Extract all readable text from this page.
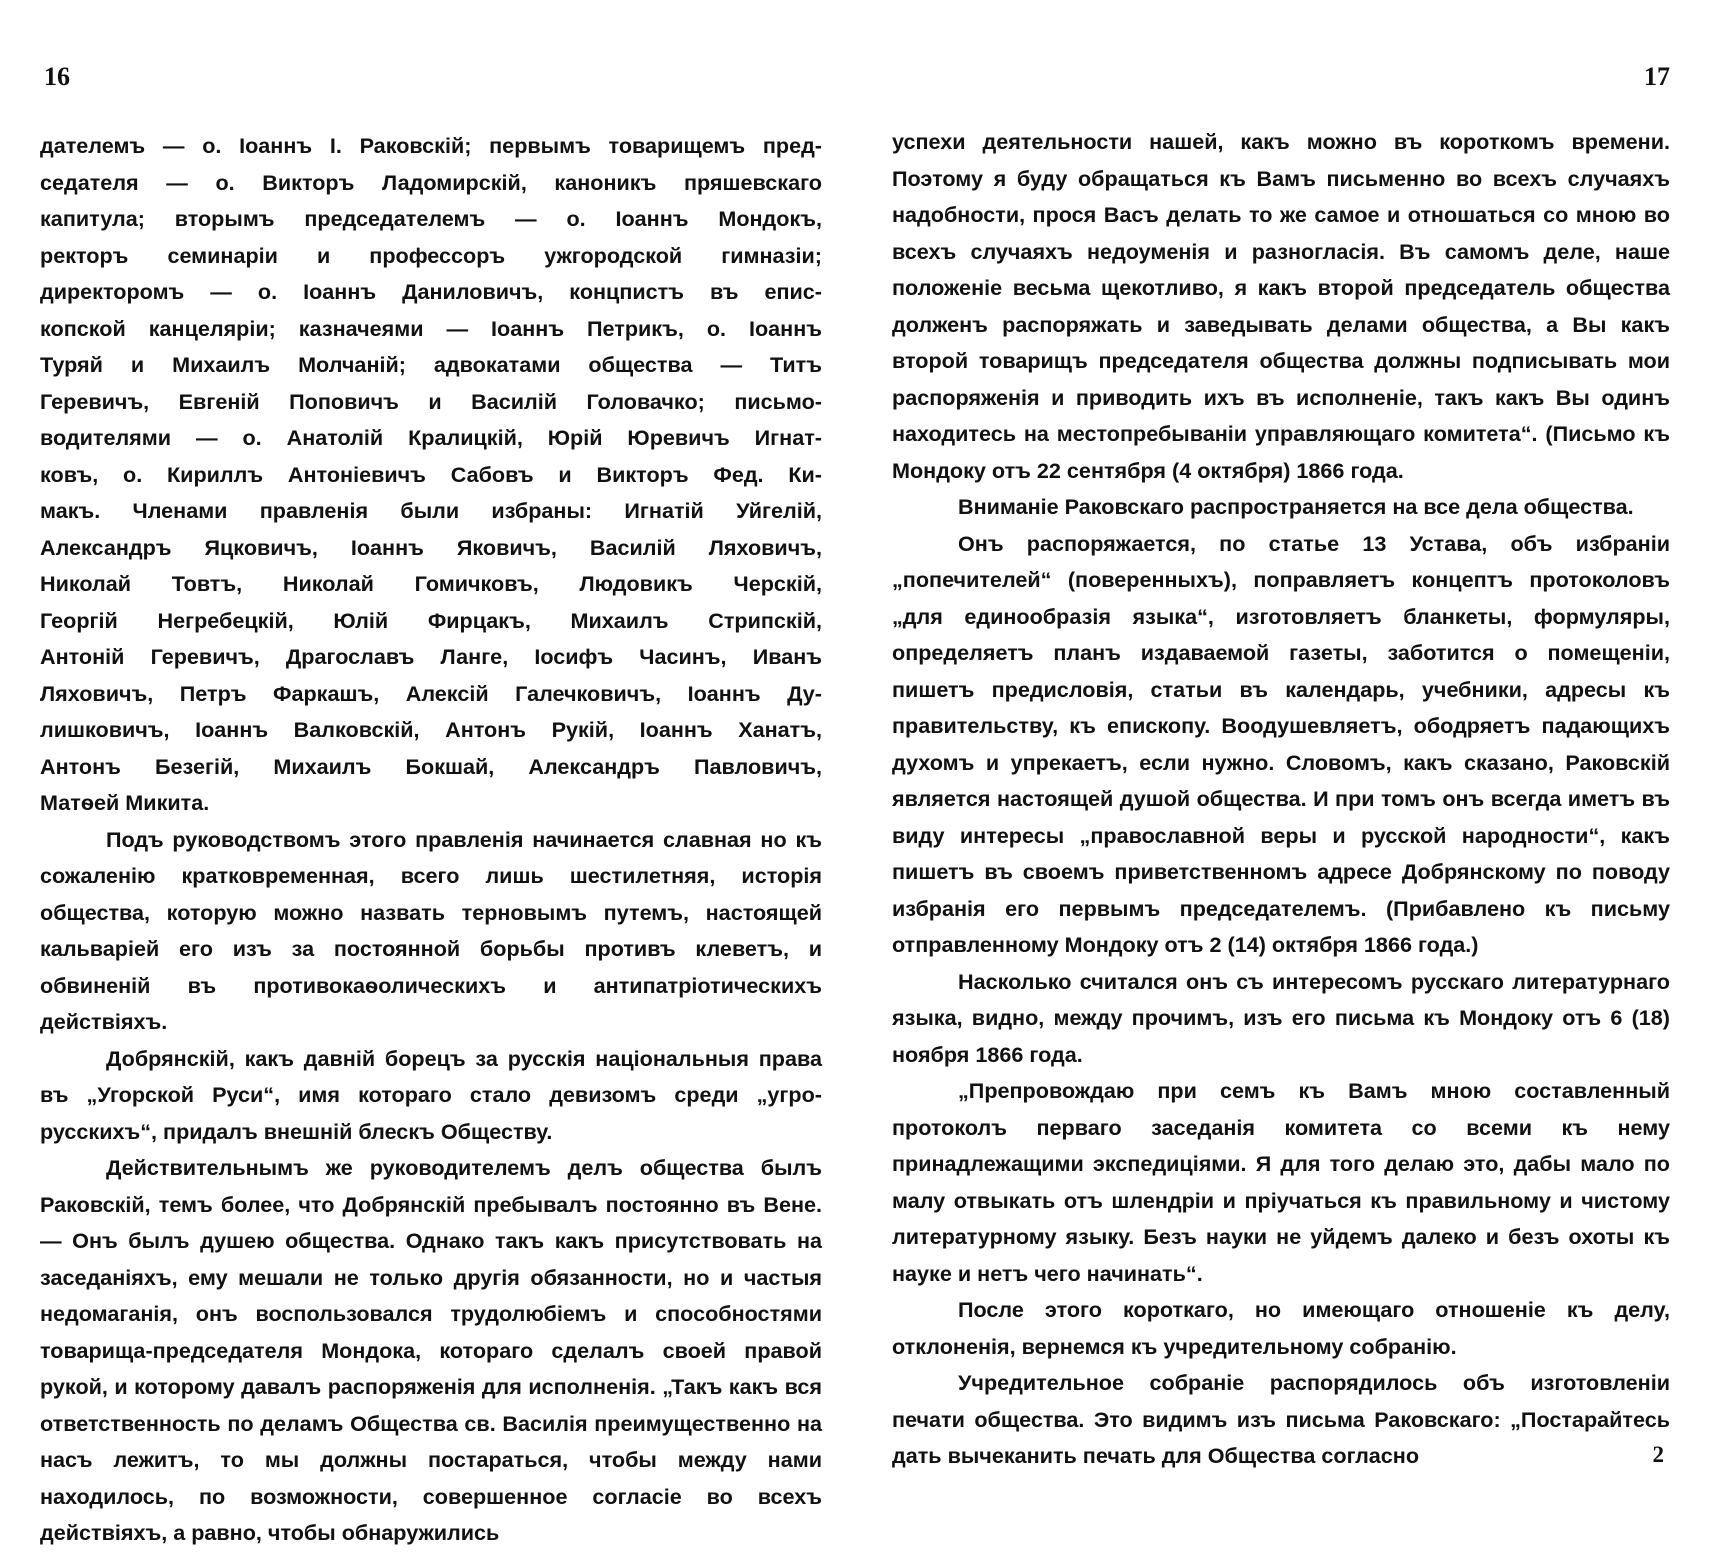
16

дателемъ — о. Іоаннъ І. Раковскій; первымъ товарищемъ пред-
седателя — о. Викторъ Ладомирскій, каноникъ пряшевскаго
капитула; вторымъ председателемъ — о. Іоаннъ Мондокъ,
ректоръ семинаріи и профессоръ ужгородской гимназіи;
директоромъ — о. Іоаннъ Даниловичъ, концпистъ въ епис-
копской канцеляріи; казначеями — Іоаннъ Петрикъ, о. Іоаннъ
Туряй и Михаилъ Молчаній; адвокатами общества — Титъ
Геревичъ, Евгеній Поповичъ и Василій Головачко; письмо-
водителями — о. Анатолій Кралицкій, Юрій Юревичъ Игнат-
ковъ, о. Кириллъ Антоніевичъ Сабовъ и Викторъ Фед. Ки-
макъ. Членами правленія были избраны: Игнатій Уйгелій,
Александръ Яцковичъ, Іоаннъ Яковичъ, Василій Ляховичъ,
Николай Товтъ, Николай Гомичковъ, Людовикъ Черскій,
Георгій Негребецкій, Юлій Фирцакъ, Михаилъ Стрипскій,
Антоній Геревичъ, Драгославъ Ланге, Іосифъ Часинъ, Иванъ
Ляховичъ, Петръ Фаркашъ, Алексій Галечковичъ, Іоаннъ Ду-
лишковичъ, Іоаннъ Валковскій, Антонъ Рукій, Іоаннъ Ханатъ,
Антонъ Безегій, Михаилъ Бокшай, Александръ Павловичъ,
Матѳей Микита.

Подъ руководствомъ этого правленія начинается славная но къ сожаленію кратковременная, всего лишь шестилетняя, исторія общества, которую можно назвать терновымъ путемъ, настоящей кальваріей его изъ за постоянной борьбы противъ клеветъ, и обвиненій въ противокаѳолическихъ и антипатріотическихъ действіяхъ.

Добрянскій, какъ давній борецъ за русскія національныя права въ „Угорской Руси“, имя котораго стало девизомъ среди „угро-русскихъ“, придалъ внешній блескъ Обществу.

Действительнымъ же руководителемъ делъ общества былъ Раковскій, темъ более, что Добрянскій пребывалъ постоянно въ Вене. — Онъ былъ душею общества. Однако такъ какъ присутствовать на заседаніяхъ, ему мешали не только другія обязанности, но и частыя недомаганія, онъ воспользовался трудолюбіемъ и способностями товарища-председателя Мондока, котораго сделалъ своей правой рукой, и которому давалъ распоряженія для исполненія. „Такъ какъ вся ответственность по деламъ Общества св. Василія преимущественно на насъ лежитъ, то мы должны постараться, чтобы между нами находилось, по возможности, совершенное согласіе во всехъ действіяхъ, а равно, чтобы обнаружились

17

успехи деятельности нашей, какъ можно въ короткомъ времени. Поэтому я буду обращаться къ Вамъ письменно во всехъ случаяхъ надобности, прося Васъ делать то же самое и отношаться со мною во всехъ случаяхъ недоуменія и разногласія. Въ самомъ деле, наше положеніе весьма щекотливо, я какъ второй председатель общества долженъ распоряжать и заведывать делами общества, а Вы какъ второй товарищъ председателя общества должны подписывать мои распоряженія и приводить ихъ въ исполненіе, такъ какъ Вы одинъ находитесь на местопребываніи управляющаго комитета“. (Письмо къ Мондоку отъ 22 сентября (4 октября) 1866 года.

Вниманіе Раковскаго распространяется на все дела общества.

Онъ распоряжается, по статье 13 Устава, объ избраніи „попечителей“ (поверенныхъ), поправляетъ концептъ протоколовъ „для единообразія языка“, изготовляетъ бланкеты, формуляры, определяетъ планъ издаваемой газеты, заботится о помещеніи, пишетъ предисловія, статьи въ календарь, учебники, адресы къ правительству, къ епископу. Воодушевляетъ, ободряетъ падающихъ духомъ и упрекаетъ, если нужно. Словомъ, какъ сказано, Раковскій является настоящей душой общества. И при томъ онъ всегда иметъ въ виду интересы „православной веры и русской народности“, какъ пишетъ въ своемъ приветственномъ адресе Добрянскому по поводу избранія его первымъ председателемъ. (Прибавлено къ письму отправленному Мондоку отъ 2 (14) октября 1866 года.)

Насколько считался онъ съ интересомъ русскаго литературнаго языка, видно, между прочимъ, изъ его письма къ Мондоку отъ 6 (18) ноября 1866 года.

„Препровождаю при семъ къ Вамъ мною составленный протоколъ перваго заседанія комитета со всеми къ нему принадлежащими экспедиціями. Я для того делаю это, дабы мало по малу отвыкать отъ шлендріи и пріучаться къ правильному и чистому литературному языку. Безъ науки не уйдемъ далеко и безъ охоты къ науке и нетъ чего начинать“.

После этого короткаго, но имеющаго отношеніе къ делу, отклоненія, вернемся къ учредительному собранію.

Учредительное собраніе распорядилось объ изготовленіи печати общества. Это видимъ изъ письма Раковскаго: „Постарайтесь дать вычеканить печать для Общества согласно	2
